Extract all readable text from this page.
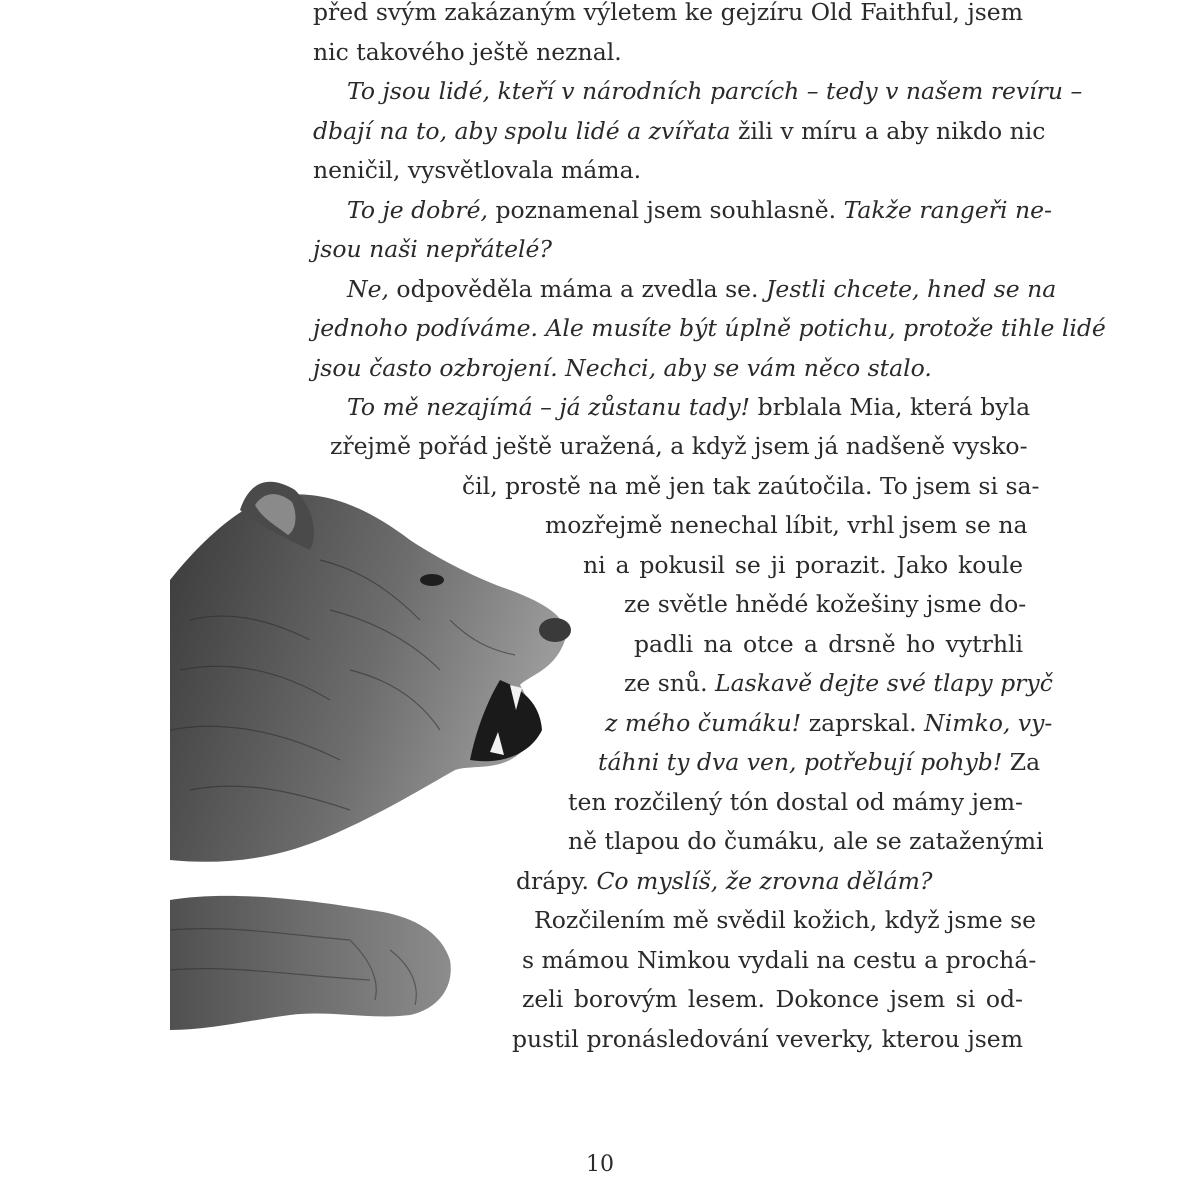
před svým zakázaným výletem ke gejzíru Old Faithful, jsem
nic takového ještě neznal.
To jsou lidé, kteří v národních parcích – tedy v našem revíru –
dbají na to, aby spolu lidé a zvířata žili v míru a aby nikdo nic
neničil, vysvětlovala máma.
To je dobré, poznamenal jsem souhlasně. Takže rangeři ne-
jsou naši nepřátelé?
Ne, odpověděla máma a zvedla se. Jestli chcete, hned se na
jednoho podíváme. Ale musíte být úplně potichu, protože tihle lidé
jsou často ozbrojení. Nechci, aby se vám něco stalo.
To mě nezajímá – já zůstanu tady! brblala Mia, která byla
zřejmě pořád ještě uražená, a když jsem já nadšeně vysko-
čil, prostě na mě jen tak zaútočila. To jsem si sa-
mozřejmě nenechal líbit, vrhl jsem se na
ni a pokusil se ji porazit. Jako koule
ze světle hnědé kožešiny jsme do-
padli na otce a drsně ho vytrhli
ze snů. Laskavě dejte své tlapy pryč
z mého čumáku! zaprskal. Nimko, vy-
táhni ty dva ven, potřebují pohyb! Za
ten rozčilený tón dostal od mámy jem-
ně tlapou do čumáku, ale se zataženými
drápy. Co myslíš, že zrovna dělám?
Rozčilením mě svědil kožich, když jsme se
s mámou Nimkou vydali na cestu a prochá-
zeli borovým lesem. Dokonce jsem si od-
pustil pronásledování veverky, kterou jsem
10
